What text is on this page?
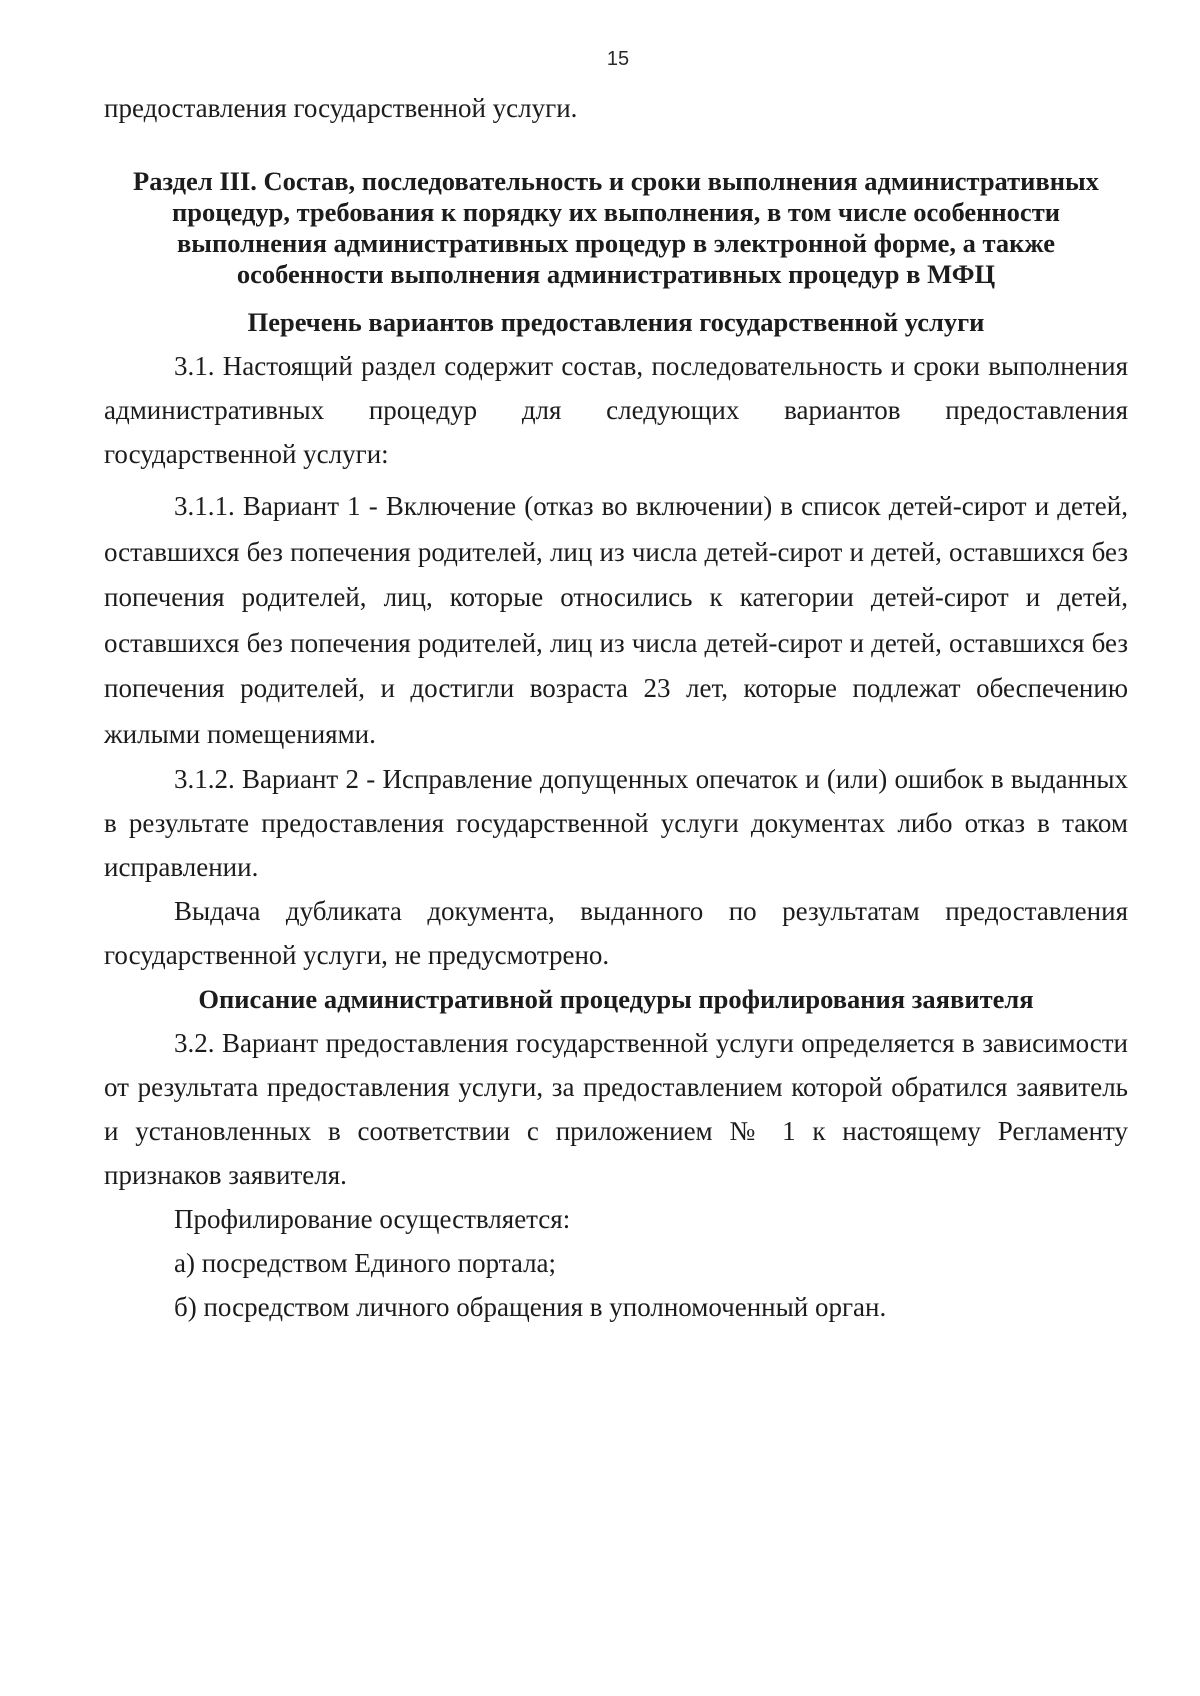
15

предоставления государственной услуги.

Раздел III. Состав, последовательность и сроки выполнения административных процедур, требования к порядку их выполнения, в том числе особенности выполнения административных процедур в электронной форме, а также особенности выполнения административных процедур в МФЦ

Перечень вариантов предоставления государственной услуги

3.1. Настоящий раздел содержит состав, последовательность и сроки выполнения административных процедур для следующих вариантов предоставления государственной услуги:

3.1.1. Вариант 1 - Включение (отказ во включении) в список детей-сирот и детей, оставшихся без попечения родителей, лиц из числа детей-сирот и детей, оставшихся без попечения родителей, лиц, которые относились к категории детей-сирот и детей, оставшихся без попечения родителей, лиц из числа детей-сирот и детей, оставшихся без попечения родителей, и достигли возраста 23 лет, которые подлежат обеспечению жилыми помещениями.

3.1.2. Вариант 2 - Исправление допущенных опечаток и (или) ошибок в выданных в результате предоставления государственной услуги документах либо отказ в таком исправлении.

Выдача дубликата документа, выданного по результатам предоставления государственной услуги, не предусмотрено.

Описание административной процедуры профилирования заявителя

3.2. Вариант предоставления государственной услуги определяется в зависимости от результата предоставления услуги, за предоставлением которой обратился заявитель и установленных в соответствии с приложением № 1 к настоящему Регламенту признаков заявителя.

Профилирование осуществляется:

а) посредством Единого портала;

б) посредством личного обращения в уполномоченный орган.
